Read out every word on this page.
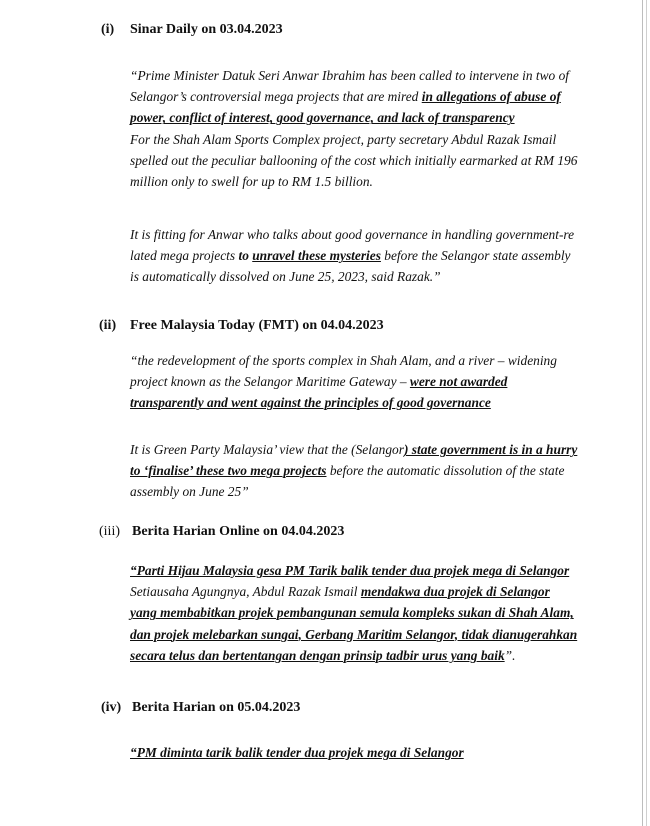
(i) Sinar Daily on 03.04.2023
“Prime Minister Datuk Seri Anwar Ibrahim has been called to intervene in two of
Selangor’s controversial mega projects that are mired in allegations of abuse of
power, conflict of interest, good governance, and lack of transparency
For the Shah Alam Sports Complex project, party secretary Abdul Razak Ismail
spelled out the peculiar ballooning of the cost which initially earmarked at RM 196
million only to swell for up to RM 1.5 billion.
It is fitting for Anwar who talks about good governance in handling government-re
lated mega projects to unravel these mysteries before the Selangor state assembly
is automatically dissolved on June 25, 2023, said Razak.”
(ii) Free Malaysia Today (FMT) on 04.04.2023
“the redevelopment of the sports complex in Shah Alam, and a river – widening
project known as the Selangor Maritime Gateway – were not awarded
transparently and went against the principles of good governance
It is Green Party Malaysia’ view that the (Selangor) state government is in a hurry
to ‘finalise’ these two mega projects before the automatic dissolution of the state
assembly on June 25”
(iii) Berita Harian Online on 04.04.2023
“Parti Hijau Malaysia gesa PM Tarik balik tender dua projek mega di Selangor
Setiausaha Agungnya, Abdul Razak Ismail mendakwa dua projek di Selangor
yang membabitkan projek pembangunan semula kompleks sukan di Shah Alam,
dan projek melebarkan sungai, Gerbang Maritim Selangor, tidak dianugerahkan
secara telus dan bertentangan dengan prinsip tadbir urus yang baik”.
(iv) Berita Harian on 05.04.2023
“PM diminta tarik balik tender dua projek mega di Selangor
